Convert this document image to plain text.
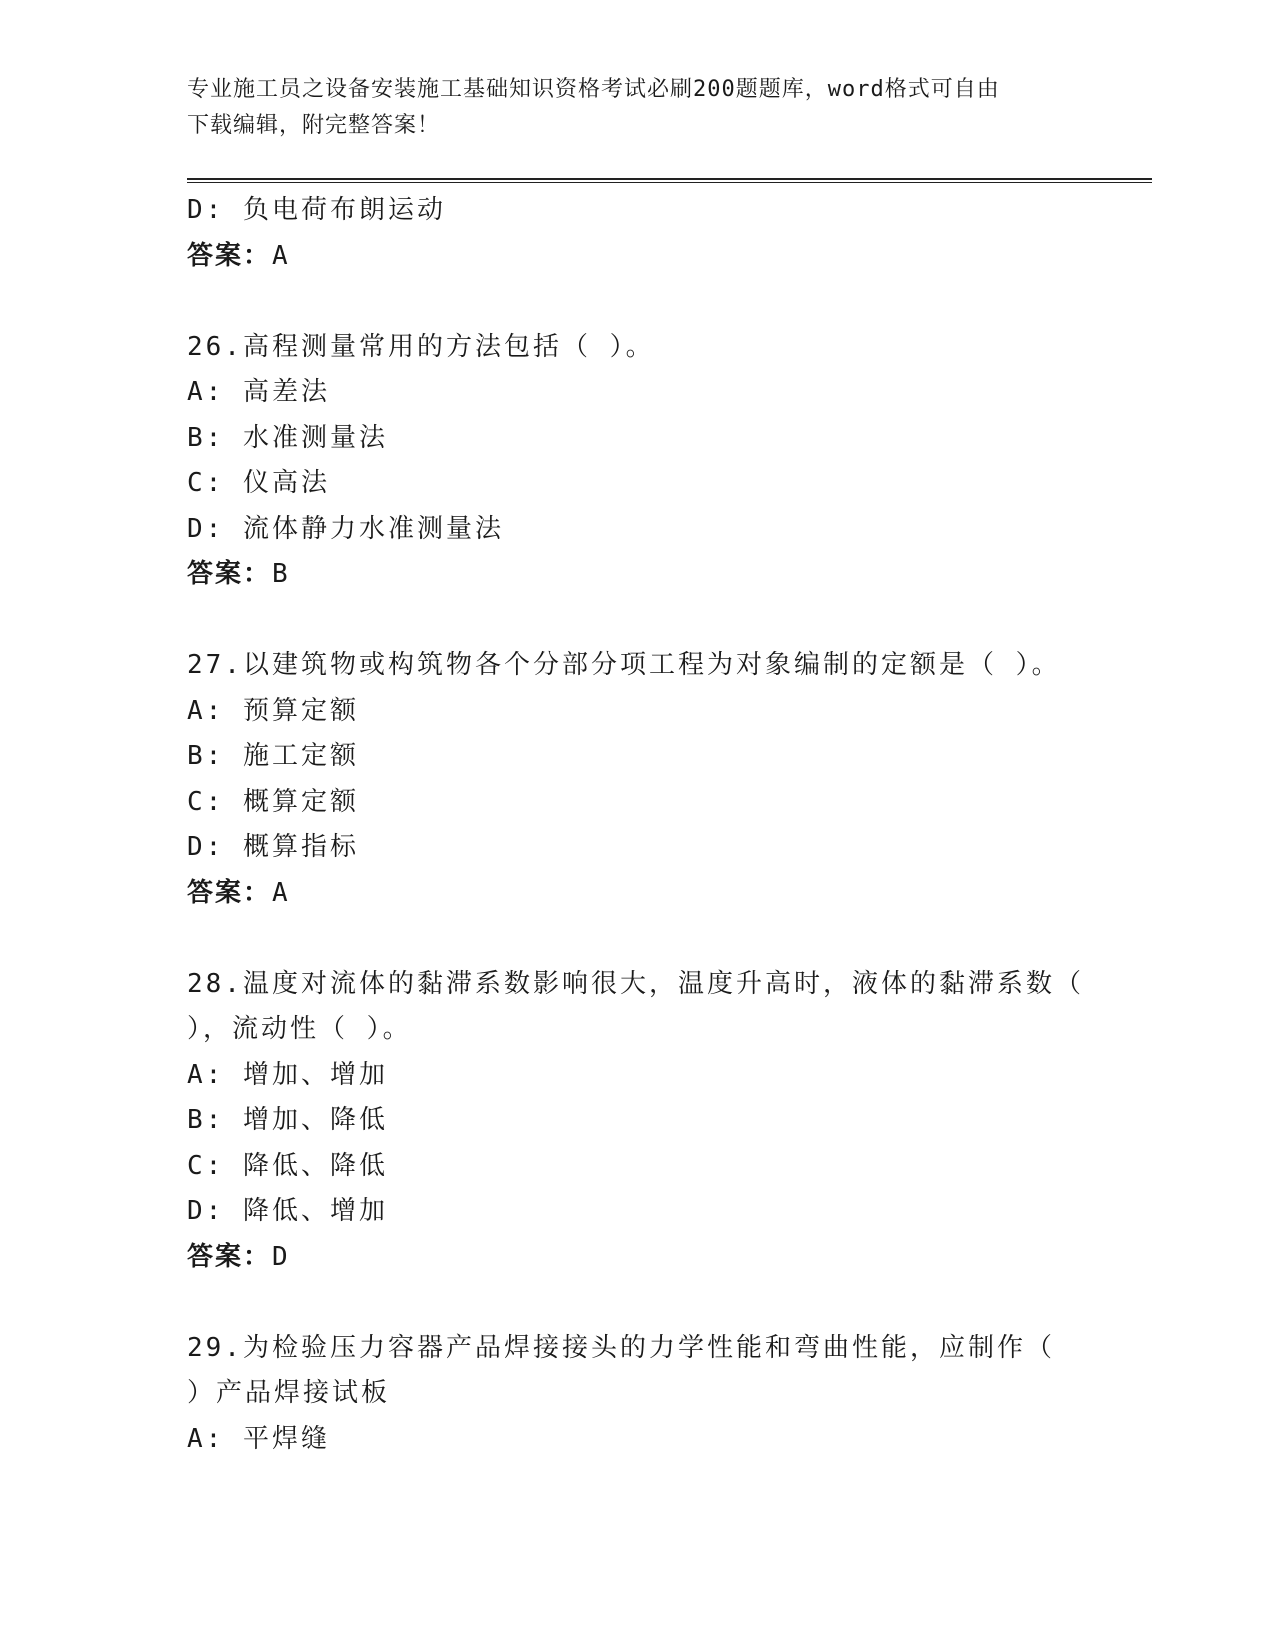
专业施工员之设备安装施工基础知识资格考试必刷200题题库，word格式可自由
下载编辑，附完整答案！
D: 负电荷布朗运动
答案：A
26.高程测量常用的方法包括（ ）。
A: 高差法
B: 水准测量法
C: 仪高法
D: 流体静力水准测量法
答案：B
27.以建筑物或构筑物各个分部分项工程为对象编制的定额是（ ）。
A: 预算定额
B: 施工定额
C: 概算定额
D: 概算指标
答案：A
28.温度对流体的黏滞系数影响很大，温度升高时，液体的黏滞系数（
），流动性（ ）。
A: 增加、增加
B: 增加、降低
C: 降低、降低
D: 降低、增加
答案：D
29.为检验压力容器产品焊接接头的力学性能和弯曲性能，应制作（
）产品焊接试板
A: 平焊缝
